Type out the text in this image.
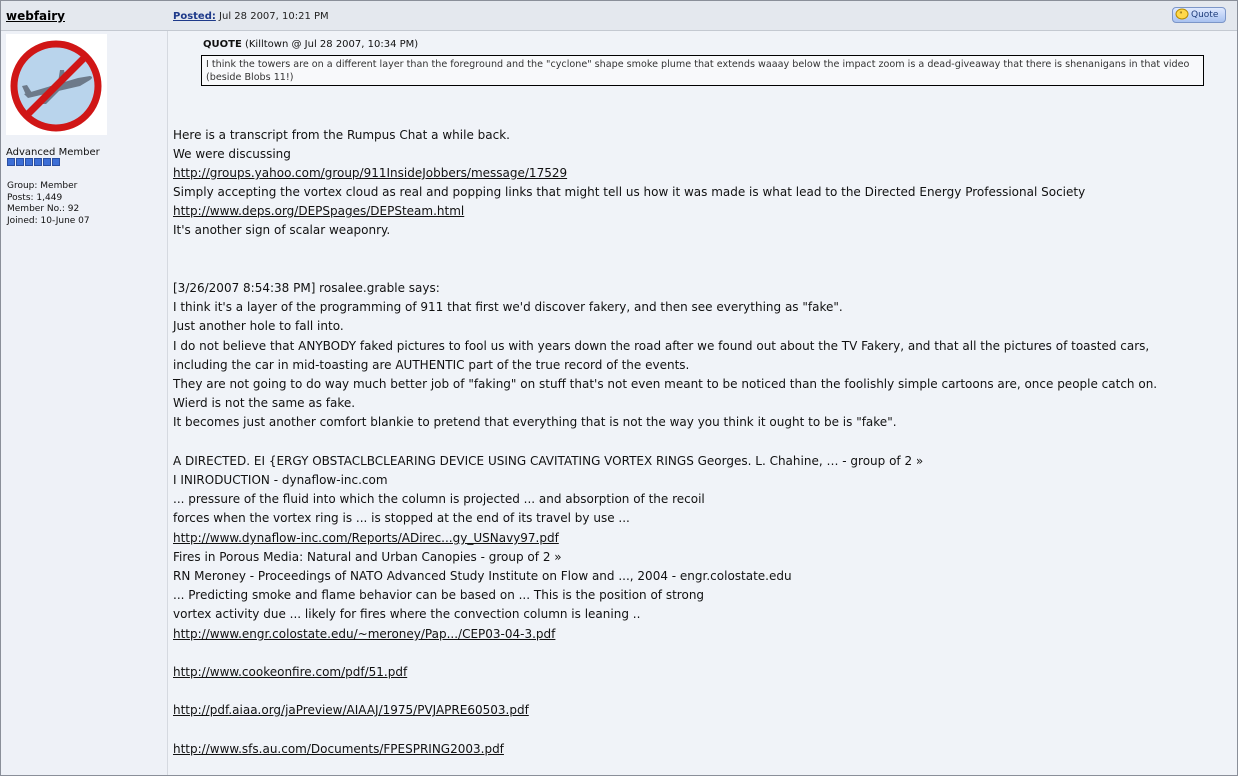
webfairy	Posted: Jul 28 2007, 10:21 PM	" Quote
Advanced Member
Group: Member
Posts: 1,449
Member No.: 92
Joined: 10-June 07
QUOTE (Killtown @ Jul 28 2007, 10:34 PM)
I think the towers are on a different layer than the foreground and the "cyclone" shape smoke plume that extends waaay below the impact zoom is a dead-giveaway that there is shenanigans in that video (beside Blobs 11!)
Here is a transcript from the Rumpus Chat a while back.
We were discussing
http://groups.yahoo.com/group/911InsideJobbers/message/17529
Simply accepting the vortex cloud as real and popping links that might tell us how it was made is what lead to the Directed Energy Professional Society
http://www.deps.org/DEPSpages/DEPSteam.html
It's another sign of scalar weaponry.
[3/26/2007 8:54:38 PM] rosalee.grable says:
I think it's a layer of the programming of 911 that first we'd discover fakery, and then see everything as "fake".
Just another hole to fall into.
I do not believe that ANYBODY faked pictures to fool us with years down the road after we found out about the TV Fakery, and that all the pictures of toasted cars,
including the car in mid-toasting are AUTHENTIC part of the true record of the events.
They are not going to do way much better job of "faking" on stuff that's not even meant to be noticed than the foolishly simple cartoons are, once people catch on.
Wierd is not the same as fake.
It becomes just another comfort blankie to pretend that everything that is not the way you think it ought to be is "fake".
A DIRECTED. EI {ERGY OBSTACLBCLEARING DEVICE USING CAVITATING VORTEX RINGS Georges. L. Chahine, … - group of 2 »
I INIRODUCTION - dynaflow-inc.com
... pressure of the fluid into which the column is projected ... and absorption of the recoil
forces when the vortex ring is ... is stopped at the end of its travel by use ...
http://www.dynaflow-inc.com/Reports/ADirec...gy_USNavy97.pdf
Fires in Porous Media: Natural and Urban Canopies - group of 2 »
RN Meroney - Proceedings of NATO Advanced Study Institute on Flow and ..., 2004 - engr.colostate.edu
... Predicting smoke and flame behavior can be based on ... This is the position of strong
vortex activity due ... likely for fires where the convection column is leaning ..
http://www.engr.colostate.edu/~meroney/Pap.../CEP03-04-3.pdf
http://www.cookeonfire.com/pdf/51.pdf
http://pdf.aiaa.org/jaPreview/AIAAJ/1975/PVJAPRE60503.pdf
http://www.sfs.au.com/Documents/FPESPRING2003.pdf
